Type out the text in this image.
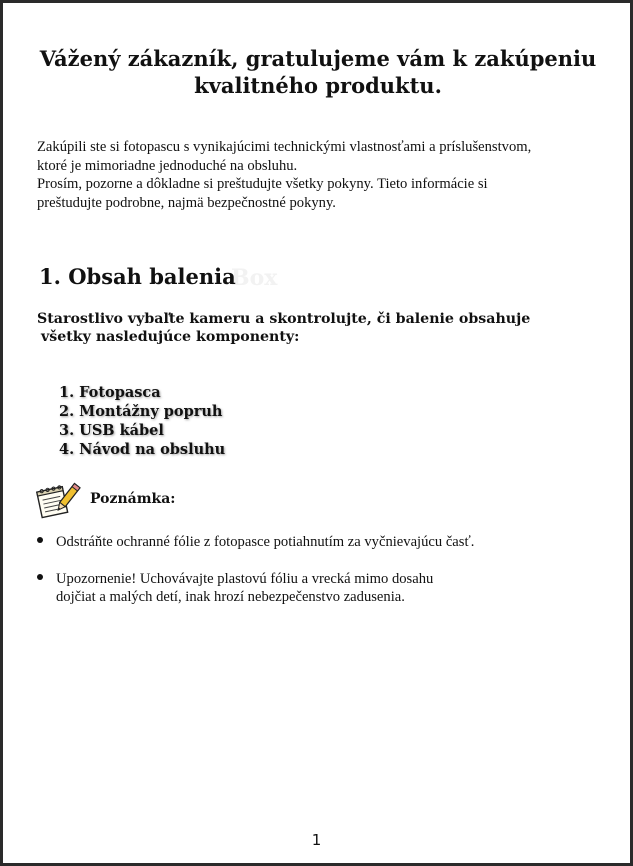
Vážený zákazník, gratulujeme vám k zakúpeniu kvalitného produktu.

Zakúpili ste si fotopascu s vynikajúcimi technickými vlastnosťami a príslušenstvom,

ktoré je mimoriadne jednoduché na obsluhu.

Prosím, pozorne a dôkladne si preštudujte všetky pokyny. Tieto informácie si

preštudujte podrobne, najmä bezpečnostné pokyny.

Box
1. Obsah balenia

Starostlivo vybaľte kameru a skontrolujte, či balenie obsahuje
všetky nasledujúce komponenty:

1. Fotopasca
2. Montážny popruh
3. USB kábel
4. Návod na obsluhu

Poznámka:

Odstráňte ochranné fólie z fotopasce potiahnutím za vyčnievajúcu časť.
Upozornenie! Uchovávajte plastovú fóliu a vrecká mimo dosahu
dojčiat a malých detí, inak hrozí nebezpečenstvo zadusenia.

1
